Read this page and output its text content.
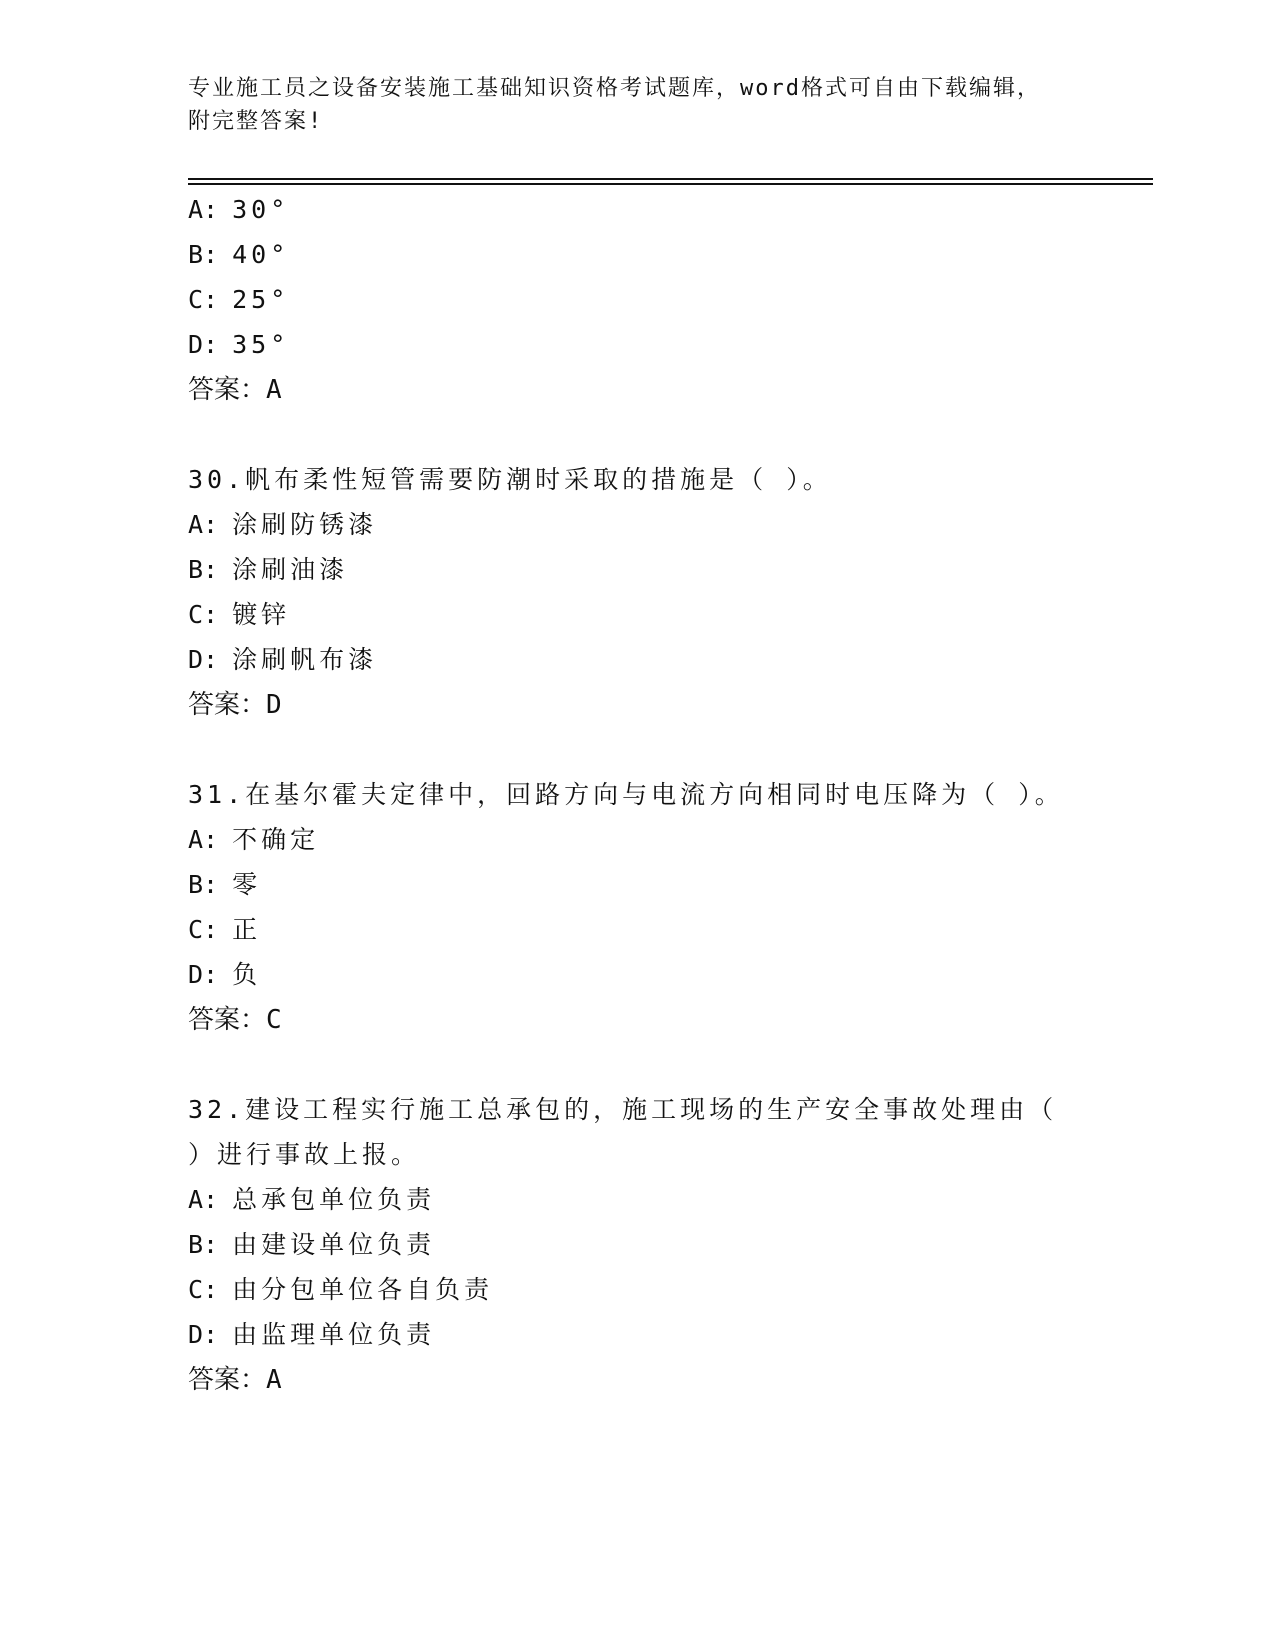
专业施工员之设备安装施工基础知识资格考试题库，word格式可自由下载编辑，
附完整答案!
A: 30°
B: 40°
C: 25°
D: 35°
答案：A
30.帆布柔性短管需要防潮时采取的措施是（ ）。
A: 涂刷防锈漆
B: 涂刷油漆
C: 镀锌
D: 涂刷帆布漆
答案：D
31.在基尔霍夫定律中，回路方向与电流方向相同时电压降为（ ）。
A: 不确定
B: 零
C: 正
D: 负
答案：C
32.建设工程实行施工总承包的，施工现场的生产安全事故处理由（
）进行事故上报。
A: 总承包单位负责
B: 由建设单位负责
C: 由分包单位各自负责
D: 由监理单位负责
答案：A
